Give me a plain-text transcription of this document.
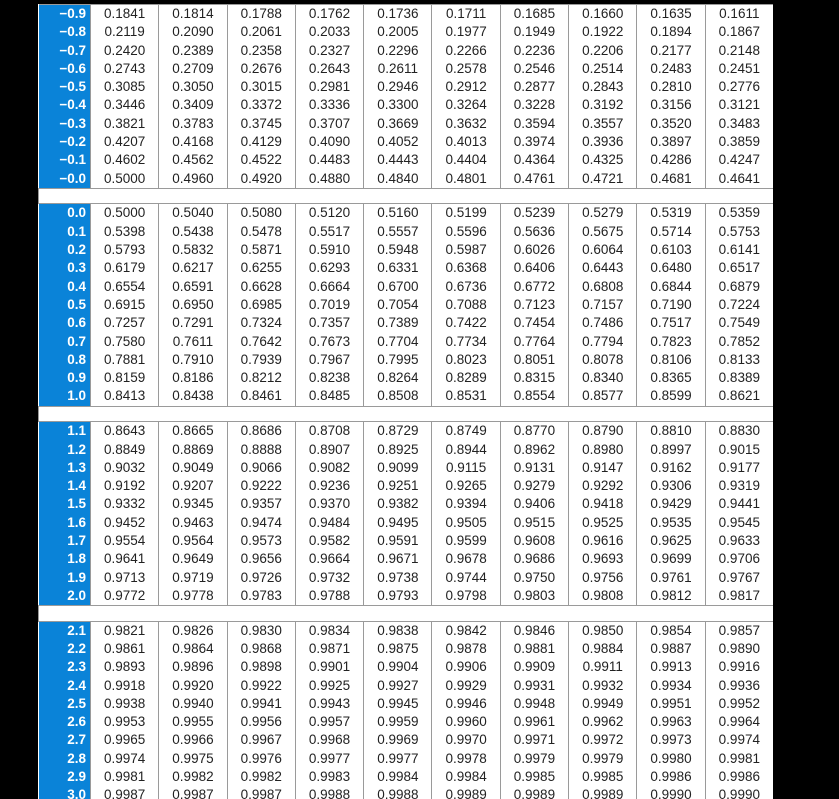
−0.9	0.1841	0.1814	0.1788	0.1762	0.1736	0.1711	0.1685	0.1660	0.1635	0.1611
−0.8	0.2119	0.2090	0.2061	0.2033	0.2005	0.1977	0.1949	0.1922	0.1894	0.1867
−0.7	0.2420	0.2389	0.2358	0.2327	0.2296	0.2266	0.2236	0.2206	0.2177	0.2148
−0.6	0.2743	0.2709	0.2676	0.2643	0.2611	0.2578	0.2546	0.2514	0.2483	0.2451
−0.5	0.3085	0.3050	0.3015	0.2981	0.2946	0.2912	0.2877	0.2843	0.2810	0.2776
−0.4	0.3446	0.3409	0.3372	0.3336	0.3300	0.3264	0.3228	0.3192	0.3156	0.3121
−0.3	0.3821	0.3783	0.3745	0.3707	0.3669	0.3632	0.3594	0.3557	0.3520	0.3483
−0.2	0.4207	0.4168	0.4129	0.4090	0.4052	0.4013	0.3974	0.3936	0.3897	0.3859
−0.1	0.4602	0.4562	0.4522	0.4483	0.4443	0.4404	0.4364	0.4325	0.4286	0.4247
−0.0	0.5000	0.4960	0.4920	0.4880	0.4840	0.4801	0.4761	0.4721	0.4681	0.4641

0.0	0.5000	0.5040	0.5080	0.5120	0.5160	0.5199	0.5239	0.5279	0.5319	0.5359
0.1	0.5398	0.5438	0.5478	0.5517	0.5557	0.5596	0.5636	0.5675	0.5714	0.5753
0.2	0.5793	0.5832	0.5871	0.5910	0.5948	0.5987	0.6026	0.6064	0.6103	0.6141
0.3	0.6179	0.6217	0.6255	0.6293	0.6331	0.6368	0.6406	0.6443	0.6480	0.6517
0.4	0.6554	0.6591	0.6628	0.6664	0.6700	0.6736	0.6772	0.6808	0.6844	0.6879
0.5	0.6915	0.6950	0.6985	0.7019	0.7054	0.7088	0.7123	0.7157	0.7190	0.7224
0.6	0.7257	0.7291	0.7324	0.7357	0.7389	0.7422	0.7454	0.7486	0.7517	0.7549
0.7	0.7580	0.7611	0.7642	0.7673	0.7704	0.7734	0.7764	0.7794	0.7823	0.7852
0.8	0.7881	0.7910	0.7939	0.7967	0.7995	0.8023	0.8051	0.8078	0.8106	0.8133
0.9	0.8159	0.8186	0.8212	0.8238	0.8264	0.8289	0.8315	0.8340	0.8365	0.8389
1.0	0.8413	0.8438	0.8461	0.8485	0.8508	0.8531	0.8554	0.8577	0.8599	0.8621

1.1	0.8643	0.8665	0.8686	0.8708	0.8729	0.8749	0.8770	0.8790	0.8810	0.8830
1.2	0.8849	0.8869	0.8888	0.8907	0.8925	0.8944	0.8962	0.8980	0.8997	0.9015
1.3	0.9032	0.9049	0.9066	0.9082	0.9099	0.9115	0.9131	0.9147	0.9162	0.9177
1.4	0.9192	0.9207	0.9222	0.9236	0.9251	0.9265	0.9279	0.9292	0.9306	0.9319
1.5	0.9332	0.9345	0.9357	0.9370	0.9382	0.9394	0.9406	0.9418	0.9429	0.9441
1.6	0.9452	0.9463	0.9474	0.9484	0.9495	0.9505	0.9515	0.9525	0.9535	0.9545
1.7	0.9554	0.9564	0.9573	0.9582	0.9591	0.9599	0.9608	0.9616	0.9625	0.9633
1.8	0.9641	0.9649	0.9656	0.9664	0.9671	0.9678	0.9686	0.9693	0.9699	0.9706
1.9	0.9713	0.9719	0.9726	0.9732	0.9738	0.9744	0.9750	0.9756	0.9761	0.9767
2.0	0.9772	0.9778	0.9783	0.9788	0.9793	0.9798	0.9803	0.9808	0.9812	0.9817

2.1	0.9821	0.9826	0.9830	0.9834	0.9838	0.9842	0.9846	0.9850	0.9854	0.9857
2.2	0.9861	0.9864	0.9868	0.9871	0.9875	0.9878	0.9881	0.9884	0.9887	0.9890
2.3	0.9893	0.9896	0.9898	0.9901	0.9904	0.9906	0.9909	0.9911	0.9913	0.9916
2.4	0.9918	0.9920	0.9922	0.9925	0.9927	0.9929	0.9931	0.9932	0.9934	0.9936
2.5	0.9938	0.9940	0.9941	0.9943	0.9945	0.9946	0.9948	0.9949	0.9951	0.9952
2.6	0.9953	0.9955	0.9956	0.9957	0.9959	0.9960	0.9961	0.9962	0.9963	0.9964
2.7	0.9965	0.9966	0.9967	0.9968	0.9969	0.9970	0.9971	0.9972	0.9973	0.9974
2.8	0.9974	0.9975	0.9976	0.9977	0.9977	0.9978	0.9979	0.9979	0.9980	0.9981
2.9	0.9981	0.9982	0.9982	0.9983	0.9984	0.9984	0.9985	0.9985	0.9986	0.9986
3.0	0.9987	0.9987	0.9987	0.9988	0.9988	0.9989	0.9989	0.9989	0.9990	0.9990
